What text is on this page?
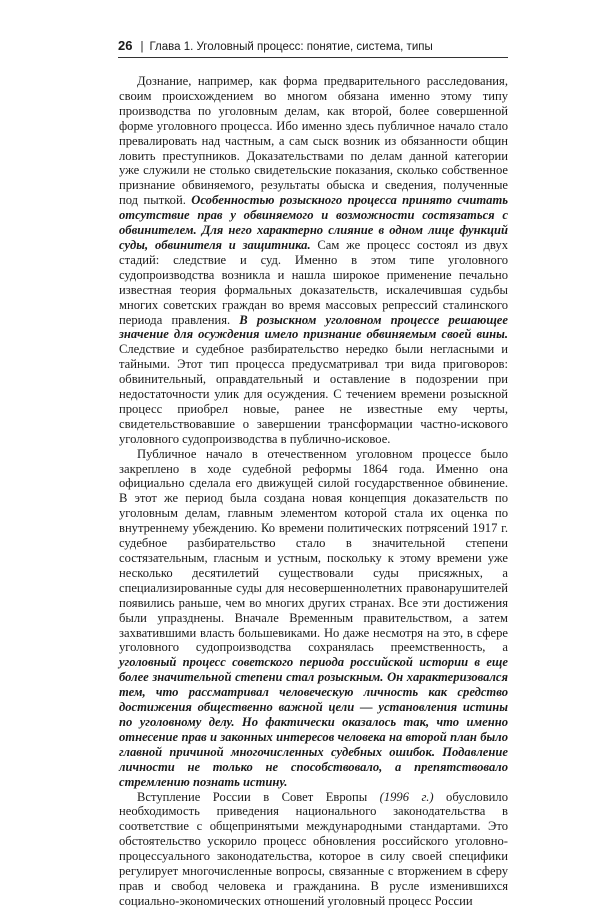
26 | Глава 1. Уголовный процесс: понятие, система, типы

Дознание, например, как форма предварительного расследования, своим происхождением во многом обязана именно этому типу производства по уголовным делам, как второй, более совершенной форме уголовного процесса. Ибо именно здесь публичное начало стало превалировать над частным, а сам сыск возник из обязанности общин ловить преступников. Доказательствами по делам данной категории уже служили не столько свидетельские показания, сколько собственное признание обвиняемого, результаты обыска и сведения, полученные под пыткой. Особенностью розыскного процесса принято считать отсутствие прав у обвиняемого и возможности состязаться с обвинителем. Для него характерно слияние в одном лице функций суды, обвинителя и защитника. Сам же процесс состоял из двух стадий: следствие и суд. Именно в этом типе уголовного судопроизводства возникла и нашла широкое применение печально известная теория формальных доказательств, искалечившая судьбы многих советских граждан во время массовых репрессий сталинского периода правления. В розыскном уголовном процессе решающее значение для осуждения имело признание обвиняемым своей вины. Следствие и судебное разбирательство нередко были негласными и тайными. Этот тип процесса предусматривал три вида приговоров: обвинительный, оправдательный и оставление в подозрении при недостаточности улик для осуждения. С течением времени розыскной процесс приобрел новые, ранее не известные ему черты, свидетельствовавшие о завершении трансформации частно-искового уголовного судопроизводства в публично-исковое.

Публичное начало в отечественном уголовном процессе было закреплено в ходе судебной реформы 1864 года. Именно она официально сделала его движущей силой государственное обвинение. В этот же период была создана новая концепция доказательств по уголовным делам, главным элементом которой стала их оценка по внутреннему убеждению. Ко времени политических потрясений 1917 г. судебное разбирательство стало в значительной степени состязательным, гласным и устным, поскольку к этому времени уже несколько десятилетий существовали суды присяжных, а специализированные суды для несовершеннолетних правонарушителей появились раньше, чем во многих других странах. Все эти достижения были упразднены. Вначале Временным правительством, а затем захватившими власть большевиками. Но даже несмотря на это, в сфере уголовного судопроизводства сохранялась преемственность, а уголовный процесс советского периода российской истории в еще более значительной степени стал розыскным. Он характеризовался тем, что рассматривал человеческую личность как средство достижения общественно важной цели — установления истины по уголовному делу. Но фактически оказалось так, что именно отнесение прав и законных интересов человека на второй план было главной причиной многочисленных судебных ошибок. Подавление личности не только не способствовало, а препятствовало стремлению познать истину.

Вступление России в Совет Европы (1996 г.) обусловило необходимость приведения национального законодательства в соответствие с общепринятыми международными стандартами. Это обстоятельство ускорило процесс обновления российского уголовно-процессуального законодательства, которое в силу своей специфики регулирует многочисленные вопросы, связанные с вторжением в сферу прав и свобод человека и гражданина. В русле изменившихся социально-экономических отношений уголовный процесс России
